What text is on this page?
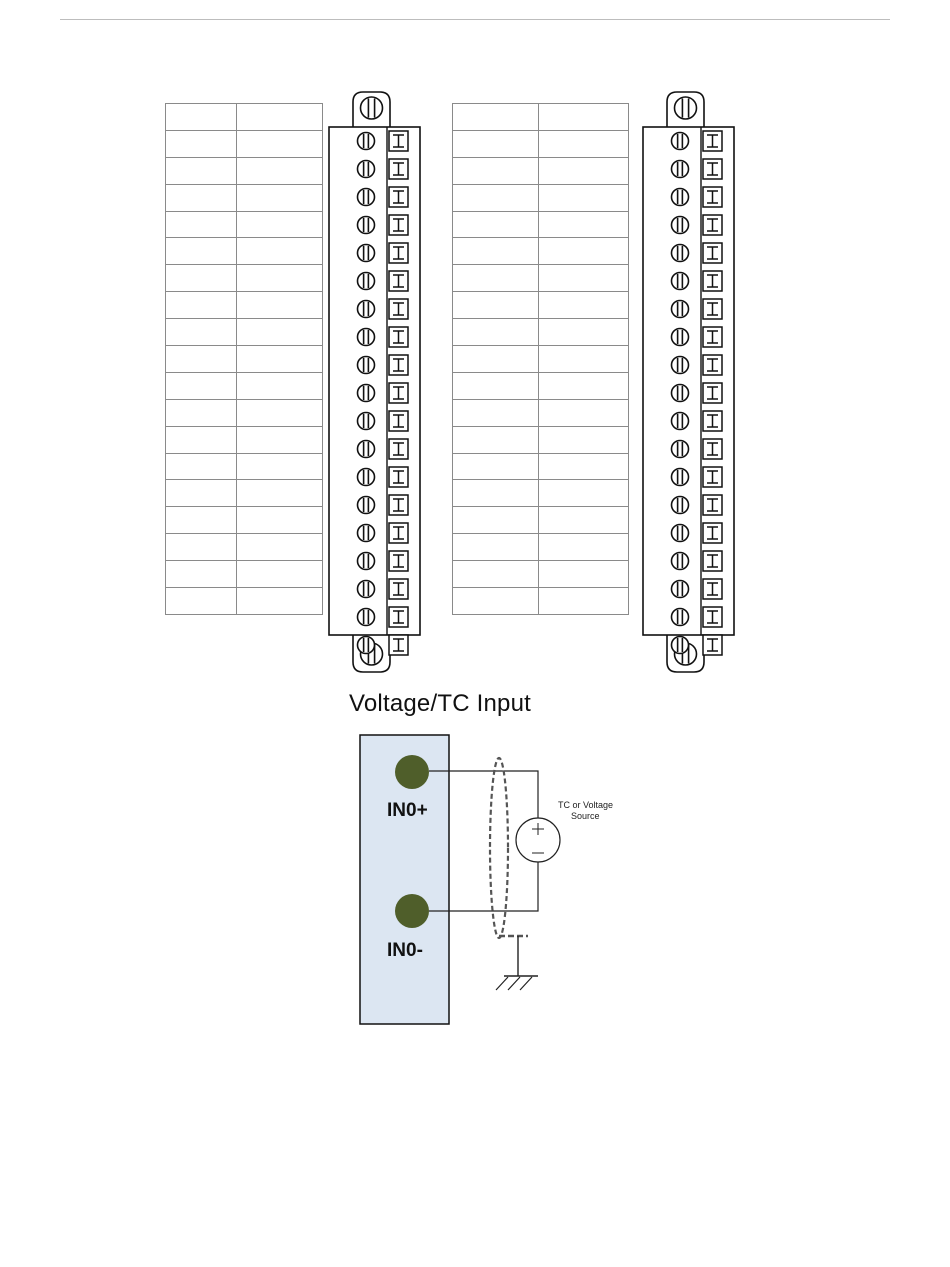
Voltage/TC Input
IN0+
IN0-
TC or Voltage
Source
